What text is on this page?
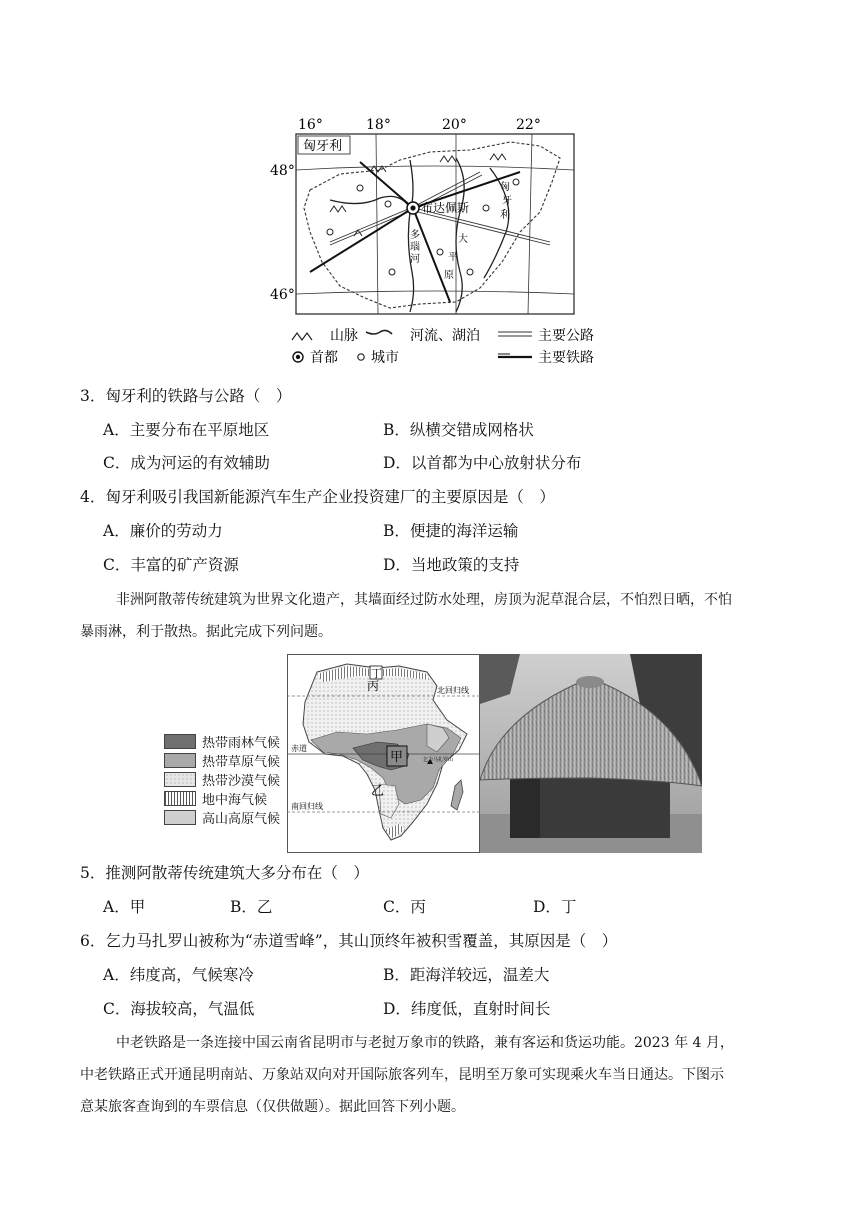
16°	18°	20°	22°
48°
46°
匈牙利
布达佩斯
多
瑙
河
匈
牙
利
大
平
原
山脉	河流、湖泊	主要公路
首都 城市	主要铁路
3．匈牙利的铁路与公路（　）
A．主要分布在平原地区	B．纵横交错成网格状
C．成为河运的有效辅助	D．以首都为中心放射状分布
4．匈牙利吸引我国新能源汽车生产企业投资建厂的主要原因是（　）
A．廉价的劳动力	B．便捷的海洋运输
C．丰富的矿产资源	D．当地政策的支持
非洲阿散蒂传统建筑为世界文化遗产，其墙面经过防水处理，房顶为泥草混合层，不怕烈日晒，不怕
暴雨淋，利于散热。据此完成下列问题。
热带雨林气候
热带草原气候
热带沙漠气候
地中海气候
高山高原气候
北回归线
赤道
南回归线
丁
丙
甲
乙
乞力马扎罗山
5．推测阿散蒂传统建筑大多分布在（　）
A．甲	B．乙	C．丙	D．丁
6．乞力马扎罗山被称为“赤道雪峰”，其山顶终年被积雪覆盖，其原因是（　）
A．纬度高，气候寒冷	B．距海洋较远，温差大
C．海拔较高，气温低	D．纬度低，直射时间长
中老铁路是一条连接中国云南省昆明市与老挝万象市的铁路，兼有客运和货运功能。2023 年 4 月，
中老铁路正式开通昆明南站、万象站双向对开国际旅客列车，昆明至万象可实现乘火车当日通达。下图示
意某旅客查询到的车票信息（仅供做题）。据此回答下列小题。
